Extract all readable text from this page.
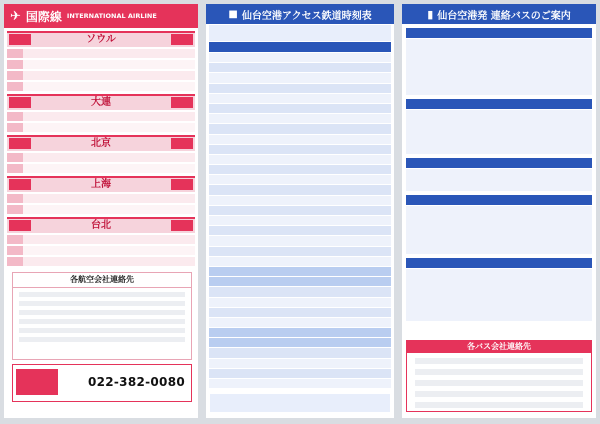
✈ 国際線 INTERNATIONAL AIRLINE
ソウル
大連
北京
上海
台北
各航空会社連絡先
022-382-0080
■ 仙台空港アクセス鉄道時刻表	▮ 仙台空港発 連絡バスのご案内
各バス会社連絡先
